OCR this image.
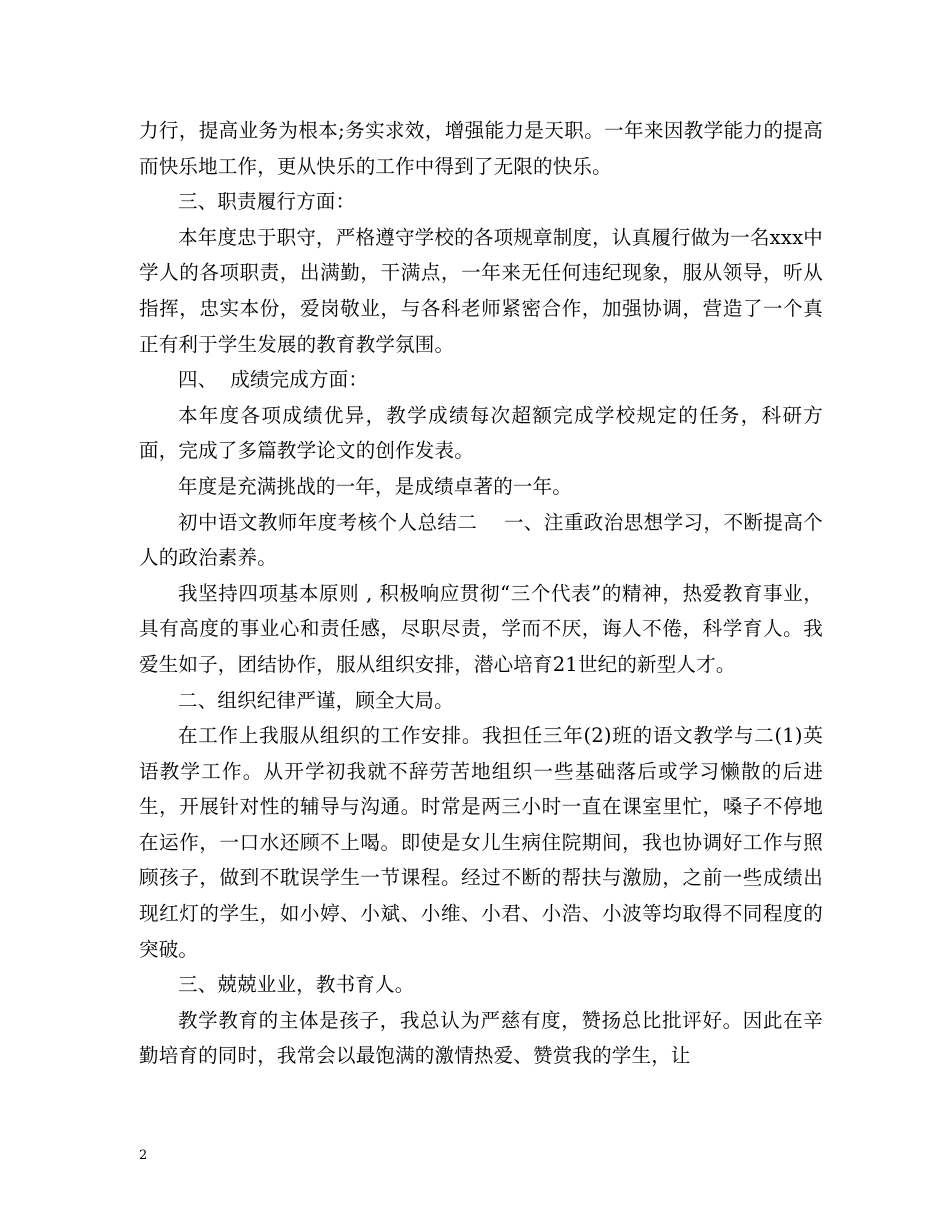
力行，提高业务为根本;务实求效，增强能力是天职。一年来因教学能力的提高而快乐地工作，更从快乐的工作中得到了无限的快乐。

三、职责履行方面：

本年度忠于职守，严格遵守学校的各项规章制度，认真履行做为一名xxx中学人的各项职责，出满勤，干满点，一年来无任何违纪现象，服从领导，听从指挥，忠实本份，爱岗敬业，与各科老师紧密合作，加强协调，营造了一个真正有利于学生发展的教育教学氛围。

四、  成绩完成方面：

本年度各项成绩优异，教学成绩每次超额完成学校规定的任务，科研方面，完成了多篇教学论文的创作发表。

年度是充满挑战的一年，是成绩卓著的一年。

初中语文教师年度考核个人总结二    一、注重政治思想学习，不断提高个人的政治素养。

我坚持四项基本原则 , 积极响应贯彻“三个代表”的精神，热爱教育事业，具有高度的事业心和责任感，尽职尽责，学而不厌，诲人不倦，科学育人。我爱生如子，团结协作，服从组织安排，潜心培育21世纪的新型人才。

二、组织纪律严谨，顾全大局。

在工作上我服从组织的工作安排。我担任三年(2)班的语文教学与二(1)英语教学工作。从开学初我就不辞劳苦地组织一些基础落后或学习懒散的后进生，开展针对性的辅导与沟通。时常是两三小时一直在课室里忙，嗓子不停地在运作，一口水还顾不上喝。即使是女儿生病住院期间，我也协调好工作与照顾孩子，做到不耽误学生一节课程。经过不断的帮扶与激励，之前一些成绩出现红灯的学生，如小婷、小斌、小维、小君、小浩、小波等均取得不同程度的突破。

三、兢兢业业，教书育人。

教学教育的主体是孩子，我总认为严慈有度，赞扬总比批评好。因此在辛勤培育的同时，我常会以最饱满的激情热爱、赞赏我的学生，让

2
